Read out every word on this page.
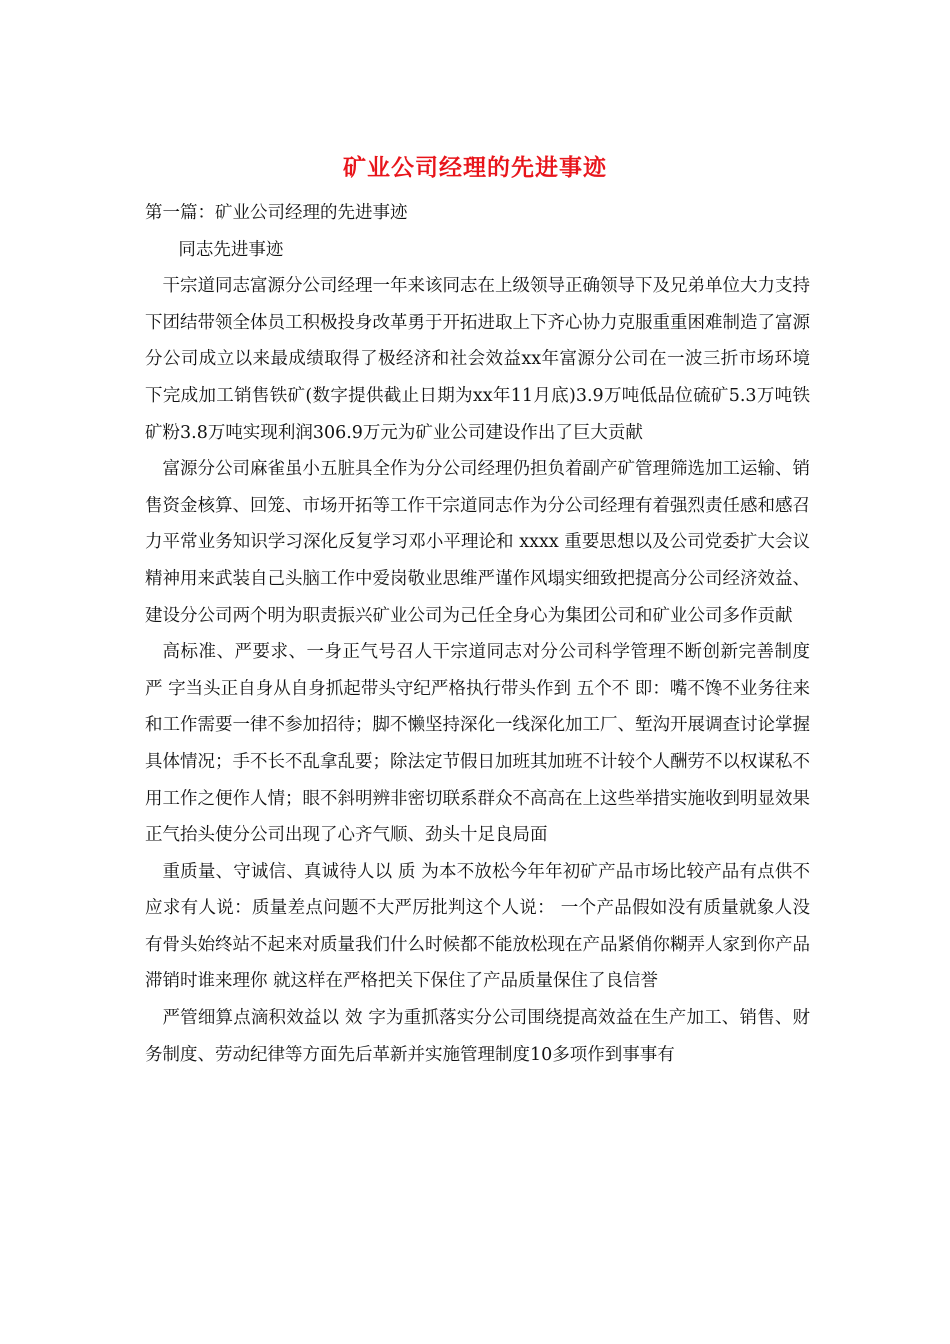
矿业公司经理的先进事迹

第一篇：矿业公司经理的先进事迹

同志先进事迹

干宗道同志富源分公司经理一年来该同志在上级领导正确领导下及兄弟单位大力支持下团结带领全体员工积极投身改革勇于开拓进取上下齐心协力克服重重困难制造了富源分公司成立以来最成绩取得了极经济和社会效益xx年富源分公司在一波三折市场环境下完成加工销售铁矿(数字提供截止日期为xx年11月底)3.9万吨低品位硫矿5.3万吨铁矿粉3.8万吨实现利润306.9万元为矿业公司建设作出了巨大贡献

富源分公司麻雀虽小五脏具全作为分公司经理仍担负着副产矿管理筛选加工运输、销售资金核算、回笼、市场开拓等工作干宗道同志作为分公司经理有着强烈责任感和感召力平常业务知识学习深化反复学习邓小平理论和 xxxx 重要思想以及公司党委扩大会议精神用来武装自己头脑工作中爱岗敬业思维严谨作风塌实细致把提高分公司经济效益、建设分公司两个明为职责振兴矿业公司为己任全身心为集团公司和矿业公司多作贡献

高标准、严要求、一身正气号召人干宗道同志对分公司科学管理不断创新完善制度 严 字当头正自身从自身抓起带头守纪严格执行带头作到 五个不 即：嘴不馋不业务往来和工作需要一律不参加招待；脚不懒坚持深化一线深化加工厂、堑沟开展调查讨论掌握具体情况；手不长不乱拿乱要；除法定节假日加班其加班不计较个人酬劳不以权谋私不用工作之便作人情；眼不斜明辨非密切联系群众不高高在上这些举措实施收到明显效果正气抬头使分公司出现了心齐气顺、劲头十足良局面

重质量、守诚信、真诚待人以 质 为本不放松今年年初矿产品市场比较产品有点供不应求有人说：质量差点问题不大严厉批判这个人说： 一个产品假如没有质量就象人没有骨头始终站不起来对质量我们什么时候都不能放松现在产品紧俏你糊弄人家到你产品滞销时谁来理你 就这样在严格把关下保住了产品质量保住了良信誉

严管细算点滴积效益以 效 字为重抓落实分公司围绕提高效益在生产加工、销售、财务制度、劳动纪律等方面先后革新并实施管理制度10多项作到事事有
